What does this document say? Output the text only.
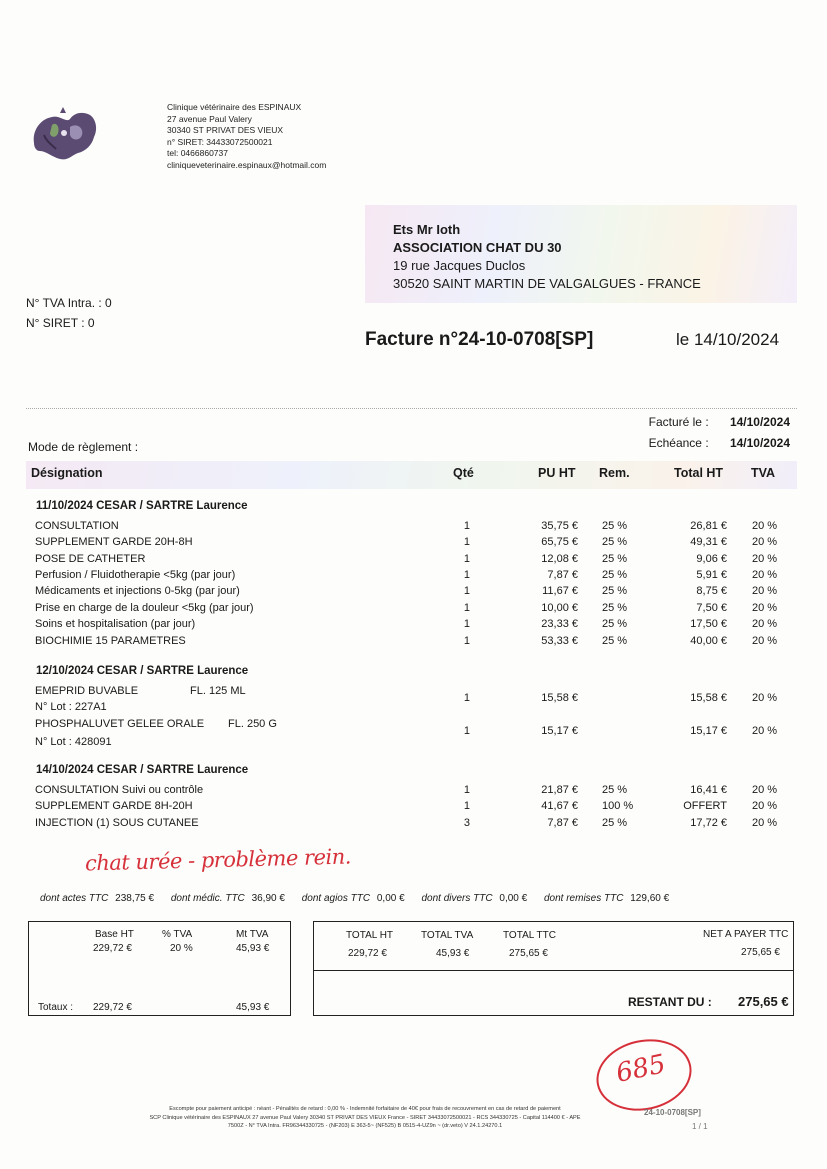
Clinique vétérinaire des ESPINAUX
27 avenue Paul Valery
30340 ST PRIVAT DES VIEUX
n° SIRET: 34433072500021
tel: 0466860737
cliniqueveterinaire.espinaux@hotmail.com
Ets Mr Ioth
ASSOCIATION CHAT DU 30
19 rue Jacques Duclos
30520 SAINT MARTIN DE VALGALGUES - FRANCE
N° TVA Intra. : 0
N° SIRET : 0
Facture n°24-10-0708[SP]	le 14/10/2024
Facturé le : 14/10/2024
Echéance : 14/10/2024
Mode de règlement :
Désignation	Qté	PU HT Rem.	Total HT TVA
11/10/2024 CESAR / SARTRE Laurence
CONSULTATION	1	35,75 € 25 %	26,81 € 20 %
SUPPLEMENT GARDE 20H-8H	1	65,75 € 25 %	49,31 € 20 %
POSE DE CATHETER	1	12,08 € 25 %	9,06 € 20 %
Perfusion / Fluidotherapie <5kg (par jour)	1	7,87 € 25 %	5,91 € 20 %
Médicaments et injections 0-5kg (par jour)	1	11,67 € 25 %	8,75 € 20 %
Prise en charge de la douleur <5kg (par jour)	1	10,00 € 25 %	7,50 € 20 %
Soins et hospitalisation (par jour)	1	23,33 € 25 %	17,50 € 20 %
BIOCHIMIE 15 PARAMETRES	1	53,33 € 25 %	40,00 € 20 %
12/10/2024 CESAR / SARTRE Laurence
EMEPRID BUVABLE	FL. 125 ML
N° Lot : 227A1
1	15,58 €	15,58 € 20 %
PHOSPHALUVET GELEE ORALE FL. 250 G
N° Lot : 428091
1	15,17 €	15,17 € 20 %
14/10/2024 CESAR / SARTRE Laurence
CONSULTATION Suivi ou contrôle	1	21,87 € 25 %	16,41 € 20 %
SUPPLEMENT GARDE 8H-20H	1	41,67 € 100 %	OFFERT 20 %
INJECTION (1) SOUS CUTANEE	3	7,87 € 25 %	17,72 € 20 %
chat urée - problème rein.
dont actes TTC 238,75 € dont médic. TTC 36,90 € dont agios TTC 0,00 € dont divers TTC 0,00 € dont remises TTC 129,60 €
Base HT	% TVA	Mt TVA
229,72 €	20 %	45,93 €
Totaux : 229,72 €	45,93 €
TOTAL HT	TOTAL TVA	TOTAL TTC	NET A PAYER TTC
229,72 €	45,93 €	275,65 €	275,65 €
RESTANT DU : 275,65 €
685
Escompte pour paiement anticipé : néant - Pénalités de retard : 0,00 % - Indemnité forfaitaire de 40€ pour frais de recouvrement en cas de retard de paiement
SCP Clinique vétérinaire des ESPINAUX 27 avenue Paul Valery 30340 ST PRIVAT DES VIEUX France - SIRET 34433072500021 - RCS 344330725 - Capital 114400 € - APE
7500Z - N° TVA Intra. FR96344330725 - (NF203) E 363-5~ (NF525) B 0515-4-UZ9n ~ (dr.veto) V 24.1.24270.1
24-10-0708[SP]
1 / 1
